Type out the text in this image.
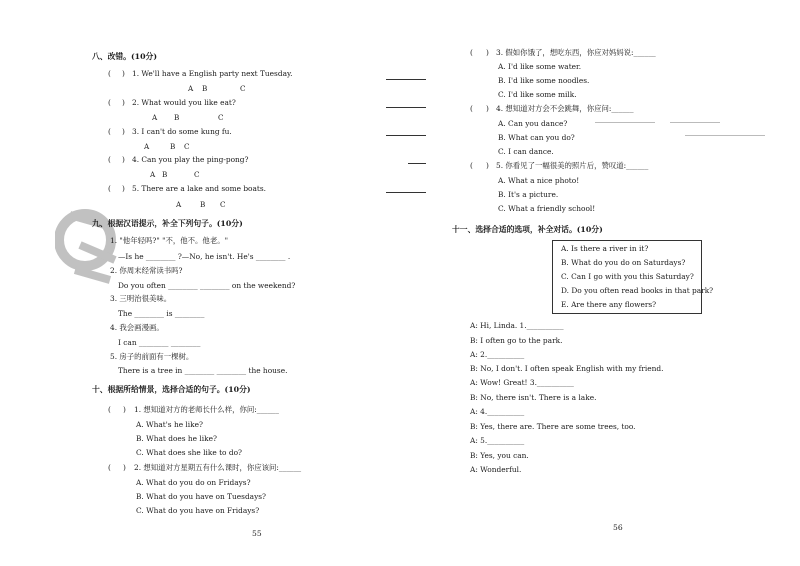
八、改错。(10分)
( ) 1. We'll have a English party next Tuesday.
A B	C
( ) 2. What would you like eat?
A B	C
( ) 3. I can't do some kung fu.
A	B C
( ) 4. Can you play the ping-pong?
A B	C
( ) 5. There are a lake and some boats.
A	B C
九、根据汉语提示，补全下列句子。(10分)
1. "他年轻吗?" "不，他不。他老。"
—Is he ________ ?—No, he isn't. He's ________ .
2. 你周末经常读书吗?
Do you often ________ ________ on the weekend?
3. 三明治很美味。
The ________ is ________
4. 我会画漫画。
I can ________ ________
5. 房子的前面有一棵树。
There is a tree in ________ ________ the house.
十、根据所给情景，选择合适的句子。(10分)
( ) 1. 想知道对方的老师长什么样，你问:______
A. What's he like?
B. What does he like?
C. What does she like to do?
( ) 2. 想知道对方星期五有什么课时，你应该问:______
A. What do you do on Fridays?
B. What do you have on Tuesdays?
C. What do you have on Fridays?
55
( ) 3. 假如你饿了，想吃东西，你应对妈妈说:______
A. I'd like some water.
B. I'd like some noodles.
C. I'd like some milk.
( ) 4. 想知道对方会不会跳舞，你应问:______
A. Can you dance?
B. What can you do?
C. I can dance.
( ) 5. 你看见了一幅很美的照片后，赞叹道:______
A. What a nice photo!
B. It's a picture.
C. What a friendly school!
十一、选择合适的选项，补全对话。(10分)
A. Is there a river in it?
B. What do you do on Saturdays?
C. Can I go with you this Saturday?
D. Do you often read books in that park?
E. Are there any flowers?
A: Hi, Linda. 1.__________
B: I often go to the park.
A: 2.__________
B: No, I don't. I often speak English with my friend.
A: Wow! Great! 3.__________
B: No, there isn't. There is a lake.
A: 4.__________
B: Yes, there are. There are some trees, too.
A: 5.__________
B: Yes, you can.
A: Wonderful.
56
